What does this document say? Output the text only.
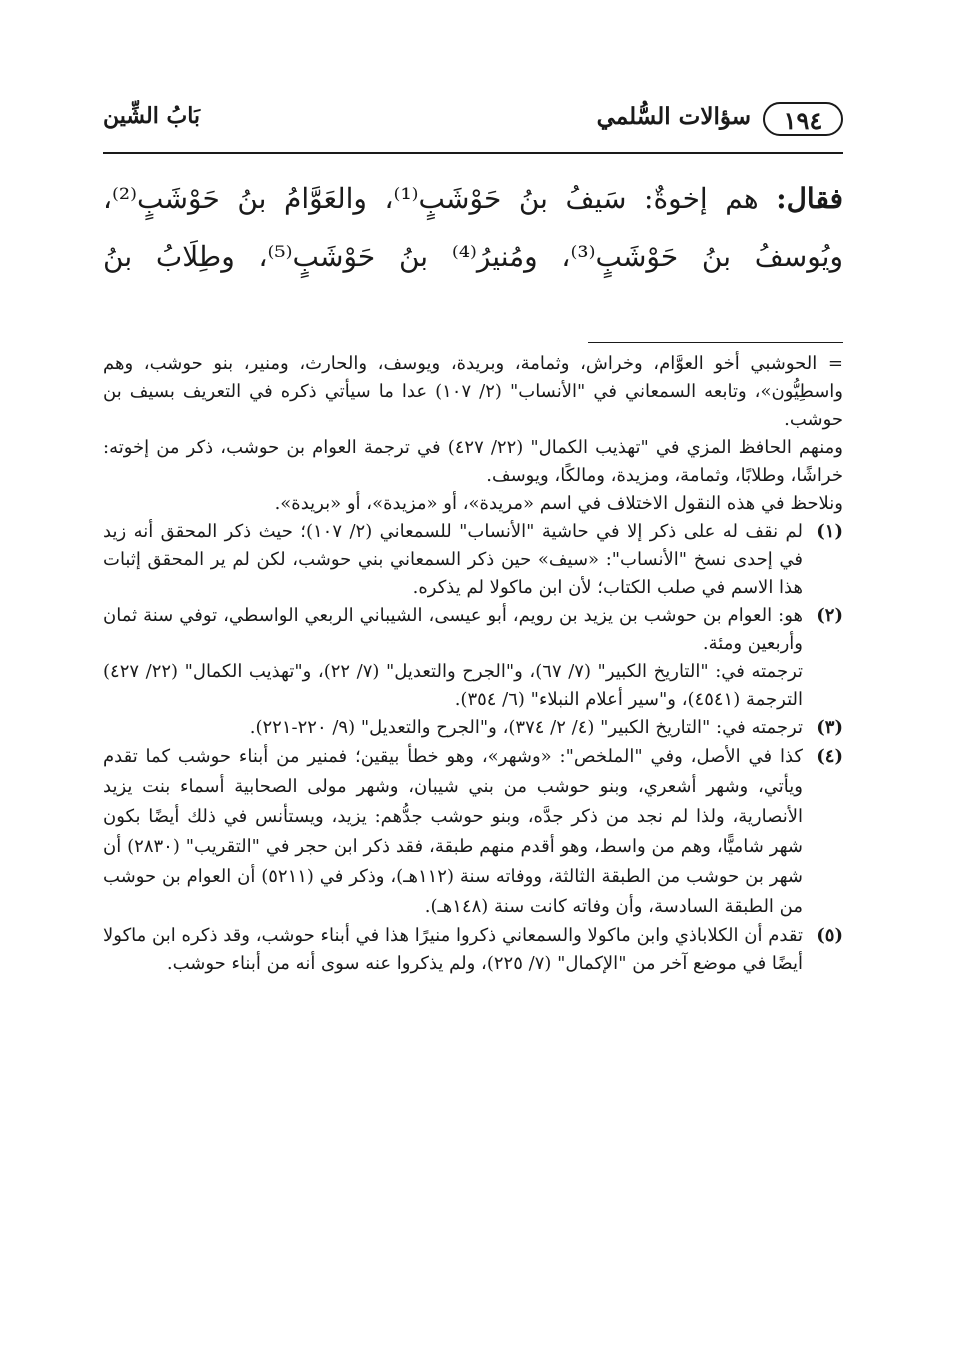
١٩٤
سؤالات السُّلمي
بَابُ الشِّين

فقال: هم إخوةٌ: سَيفُ بنُ حَوْشَبٍ⁽¹⁾، والعَوَّامُ بنُ حَوْشَبٍ⁽²⁾،

ويُوسفُ بنُ حَوْشَبٍ⁽³⁾، ومُنيرُ⁽⁴⁾ بنُ حَوْشَبٍ⁽⁵⁾، وطِلَابُ بنُ

= الحوشبي أخو العوَّام، وخراش، وثمامة، وبريدة، ويوسف، والحارث، ومنير، بنو حوشب، وهم واسطِيُّون»، وتابعه السمعاني في "الأنساب" (٢/ ١٠٧) عدا ما سيأتي ذكره في التعريف بسيف بن حوشب.

ومنهم الحافظ المزي في "تهذيب الكمال" (٢٢/ ٤٢٧) في ترجمة العوام بن حوشب، ذكر من إخوته: خراشًا، وطلابًا، وثمامة، ومزيدة، ومالكًا، ويوسف.

ونلاحظ في هذه النقول الاختلاف في اسم «مريدة»، أو «مزيدة»، أو «بريدة».

(١)

لم نقف له على ذكر إلا في حاشية "الأنساب" للسمعاني (٢/ ١٠٧)؛ حيث ذكر المحقق أنه زيد في إحدى نسخ "الأنساب": «سيف» حين ذكر السمعاني بني حوشب، لكن لم ير المحقق إثبات هذا الاسم في صلب الكتاب؛ لأن ابن ماكولا لم يذكره.

(٢)

هو: العوام بن حوشب بن يزيد بن رويم، أبو عيسى، الشيباني الربعي الواسطي، توفي سنة ثمان وأربعين ومئة.

ترجمته في: "التاريخ الكبير" (٧/ ٦٧)، و"الجرح والتعديل" (٧/ ٢٢)، و"تهذيب الكمال" (٢٢/ ٤٢٧) الترجمة (٤٥٤١)، و"سير أعلام النبلاء" (٦/ ٣٥٤).

(٣)

ترجمته في: "التاريخ الكبير" (٤/ ٢/ ٣٧٤)، و"الجرح والتعديل" (٩/ ٢٢٠-٢٢١).

(٤)

كذا في الأصل، وفي "الملخص": «وشهر»، وهو خطأ بيقين؛ فمنير من أبناء حوشب كما تقدم ويأتي، وشهر أشعري، وبنو حوشب من بني شيبان، وشهر مولى الصحابية أسماء بنت يزيد الأنصارية، ولذا لم نجد من ذكر جدَّه، وبنو حوشب جدُّهم: يزيد، ويستأنس في ذلك أيضًا بكون شهر شاميًّا، وهم من واسط، وهو أقدم منهم طبقة، فقد ذكر ابن حجر في "التقريب" (٢٨٣٠) أن شهر بن حوشب من الطبقة الثالثة، ووفاته سنة (١١٢هـ)، وذكر في (٥٢١١) أن العوام بن حوشب من الطبقة السادسة، وأن وفاته كانت سنة (١٤٨هـ).

(٥)

تقدم أن الكلاباذي وابن ماكولا والسمعاني ذكروا منيرًا هذا في أبناء حوشب، وقد ذكره ابن ماكولا أيضًا في موضع آخر من "الإكمال" (٧/ ٢٢٥)، ولم يذكروا عنه سوى أنه من أبناء حوشب.
